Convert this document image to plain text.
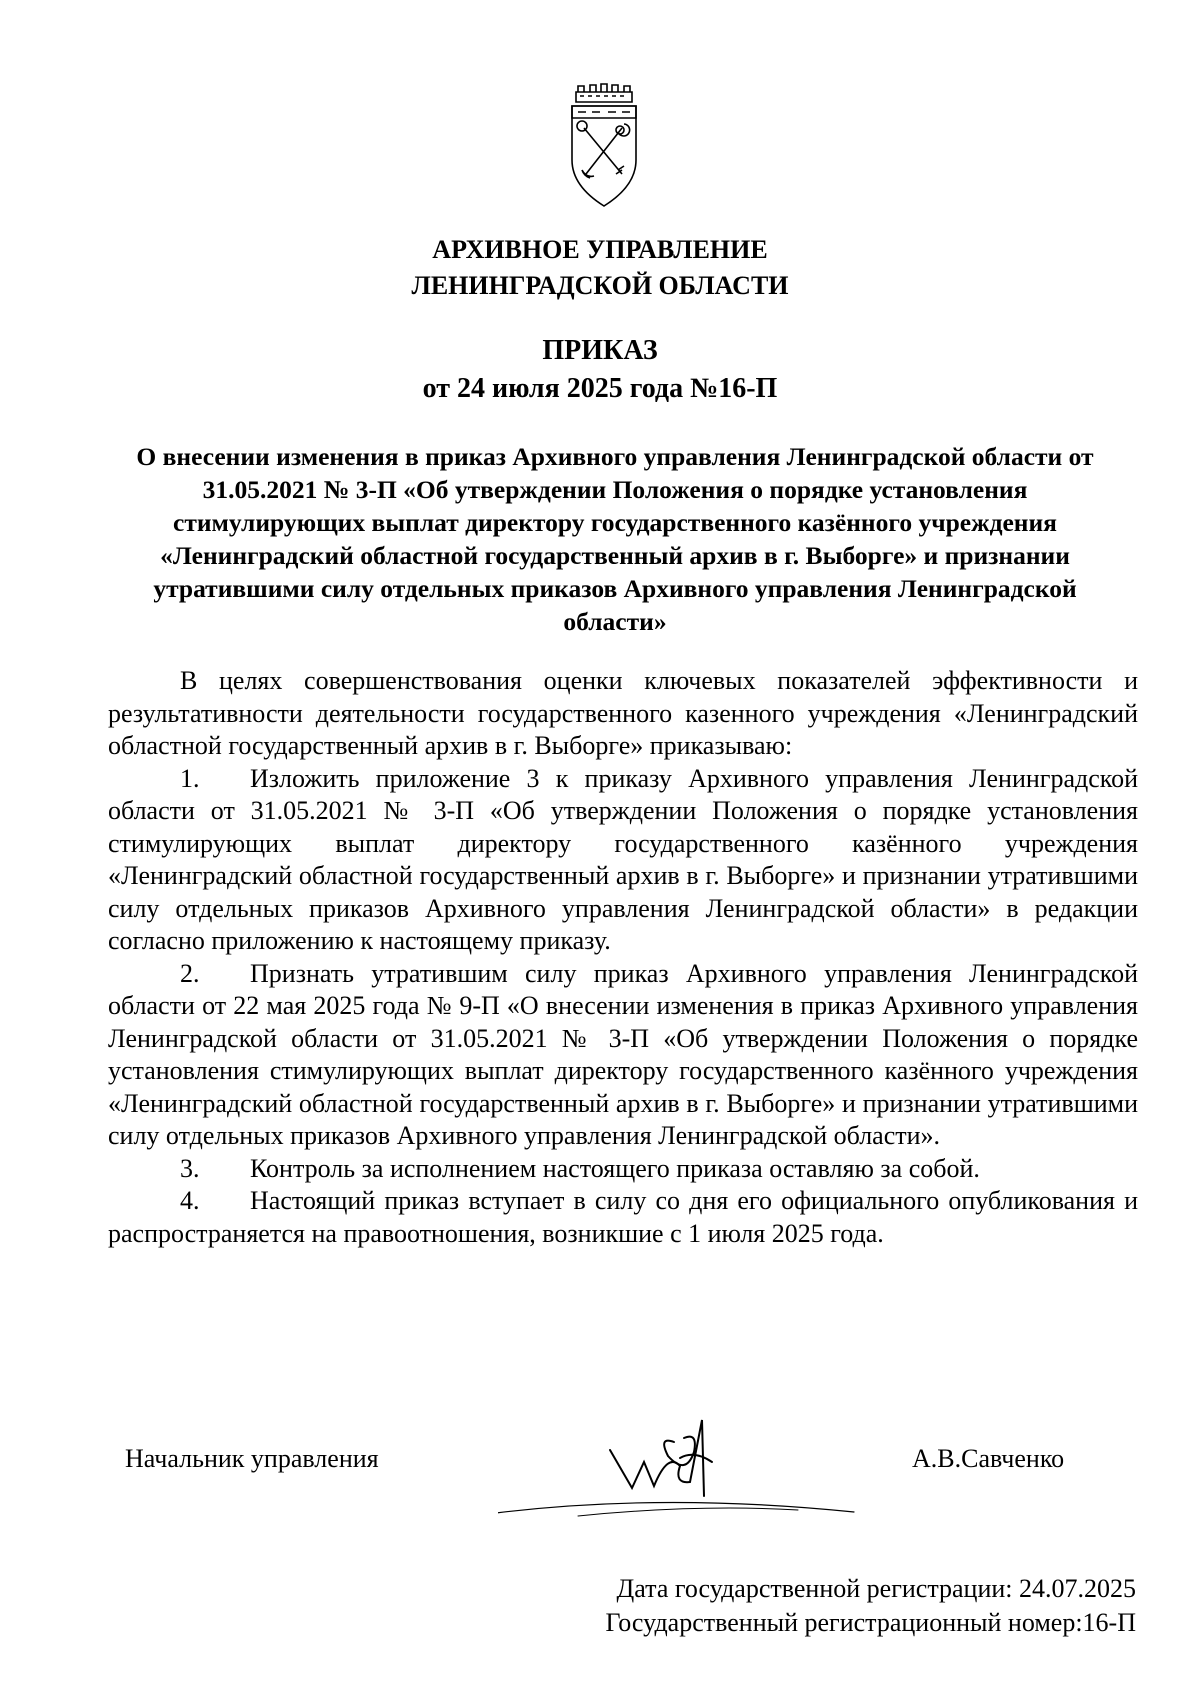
АРХИВНОЕ УПРАВЛЕНИЕ
ЛЕНИНГРАДСКОЙ ОБЛАСТИ
ПРИКАЗ
от 24 июля 2025 года №16-П
О внесении изменения в приказ Архивного управления Ленинградской области от 31.05.2021 № 3-П «Об утверждении Положения о порядке установления стимулирующих выплат директору государственного казённого учреждения «Ленинградский областной государственный архив в г. Выборге» и признании утратившими силу отдельных приказов Архивного управления Ленинградской области»

В целях совершенствования оценки ключевых показателей эффективности и результативности деятельности государственного казенного учреждения «Ленинградский областной государственный архив в г. Выборге» приказываю:

1. Изложить приложение 3 к приказу Архивного управления Ленинградской области от 31.05.2021 № 3-П «Об утверждении Положения о порядке установления стимулирующих выплат директору государственного казённого учреждения «Ленинградский областной государственный архив в г. Выборге» и признании утратившими силу отдельных приказов Архивного управления Ленинградской области» в редакции согласно приложению к настоящему приказу.

2. Признать утратившим силу приказ Архивного управления Ленинградской области от 22 мая 2025 года № 9-П «О внесении изменения в приказ Архивного управления Ленинградской области от 31.05.2021 № 3-П «Об утверждении Положения о порядке установления стимулирующих выплат директору государственного казённого учреждения «Ленинградский областной государственный архив в г. Выборге» и признании утратившими силу отдельных приказов Архивного управления Ленинградской области».

3. Контроль за исполнением настоящего приказа оставляю за собой.

4. Настоящий приказ вступает в силу со дня его официального опубликования и распространяется на правоотношения, возникшие с 1 июля 2025 года.

Начальник управления	А.В.Савченко
Дата государственной регистрации: 24.07.2025
Государственный регистрационный номер:16-П
